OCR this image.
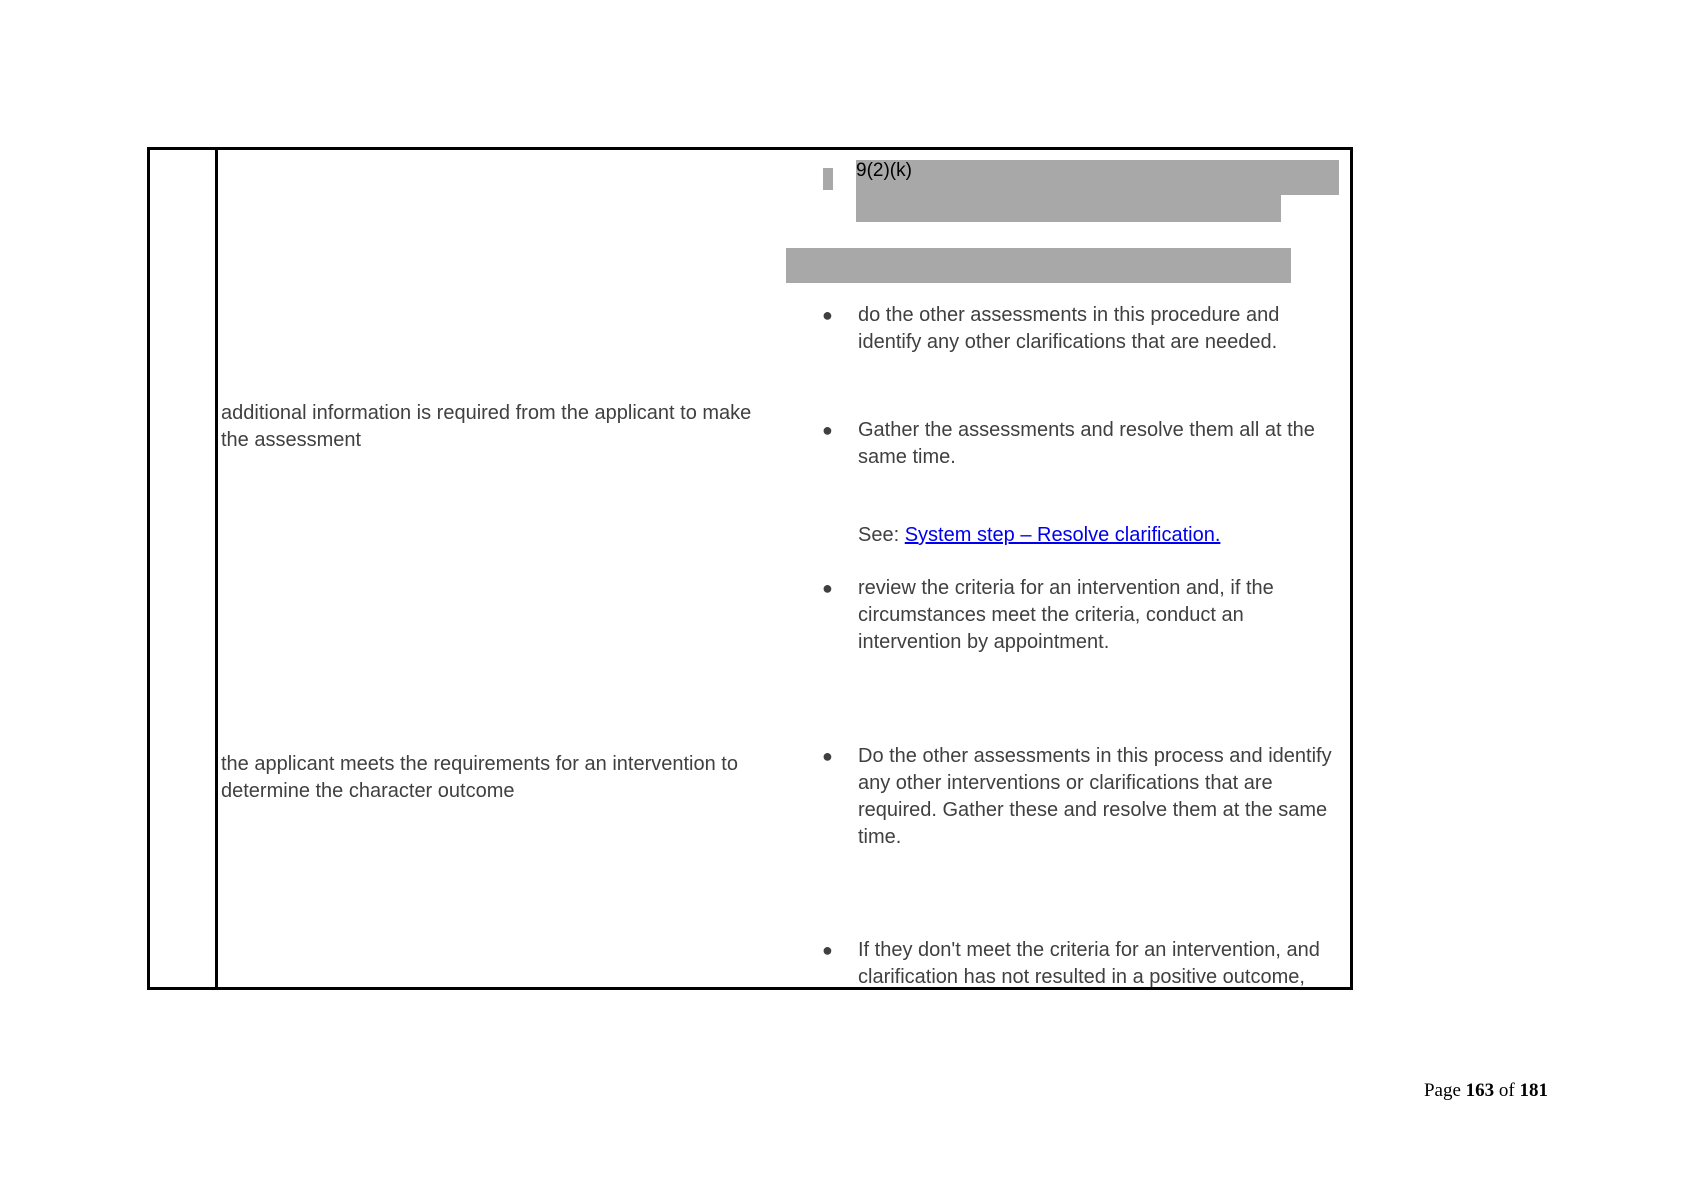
9(2)(k)
additional information is required from the applicant to make the assessment
the applicant meets the requirements for an intervention to determine the character outcome
● do the other assessments in this procedure and identify any other clarifications that are needed.
● Gather the assessments and resolve them all at the same time.
See: System step – Resolve clarification.
● review the criteria for an intervention and, if the circumstances meet the criteria, conduct an intervention by appointment.
● Do the other assessments in this process and identify any other interventions or clarifications that are required. Gather these and resolve them at the same time.
● If they don't meet the criteria for an intervention, and clarification has not resulted in a positive outcome,
Page 163 of 181
